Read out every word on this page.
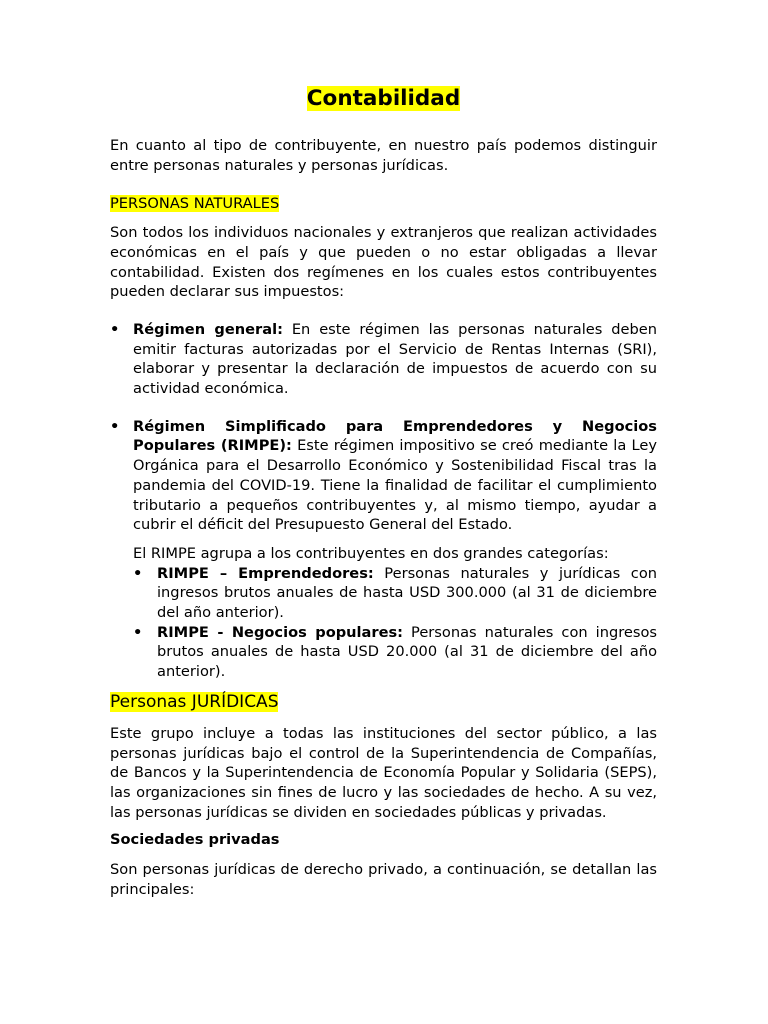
Contabilidad

En cuanto al tipo de contribuyente, en nuestro país podemos distinguir entre personas naturales y personas jurídicas.

PERSONAS NATURALES

Son todos los individuos nacionales y extranjeros que realizan actividades económicas en el país y que pueden o no estar obligadas a llevar contabilidad. Existen dos regímenes en los cuales estos contribuyentes pueden declarar sus impuestos:

• Régimen general: En este régimen las personas naturales deben emitir facturas autorizadas por el Servicio de Rentas Internas (SRI), elaborar y presentar la declaración de impuestos de acuerdo con su actividad económica.
• Régimen Simplificado para Emprendedores y Negocios Populares (RIMPE): Este régimen impositivo se creó mediante la Ley Orgánica para el Desarrollo Económico y Sostenibilidad Fiscal tras la pandemia del COVID-19. Tiene la finalidad de facilitar el cumplimiento tributario a pequeños contribuyentes y, al mismo tiempo, ayudar a cubrir el déficit del Presupuesto General del Estado.

El RIMPE agrupa a los contribuyentes en dos grandes categorías:

• RIMPE – Emprendedores: Personas naturales y jurídicas con ingresos brutos anuales de hasta USD 300.000 (al 31 de diciembre del año anterior).
• RIMPE - Negocios populares: Personas naturales con ingresos brutos anuales de hasta USD 20.000 (al 31 de diciembre del año anterior).
Personas JURÍDICAS

Este grupo incluye a todas las instituciones del sector público, a las personas jurídicas bajo el control de la Superintendencia de Compañías, de Bancos y la Superintendencia de Economía Popular y Solidaria (SEPS), las organizaciones sin fines de lucro y las sociedades de hecho. A su vez, las personas jurídicas se dividen en sociedades públicas y privadas.

Sociedades privadas

Son personas jurídicas de derecho privado, a continuación, se detallan las principales:
